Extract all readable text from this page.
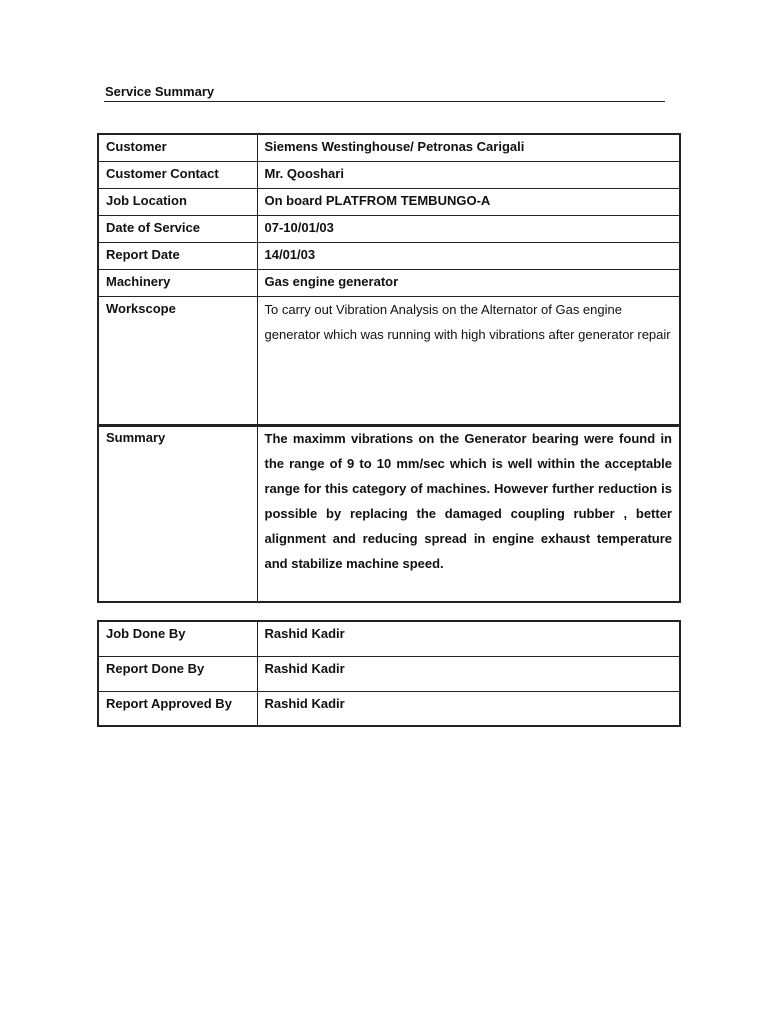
Service Summary
Customer	Siemens Westinghouse/ Petronas Carigali
Customer Contact	Mr. Qooshari
Job Location	On board PLATFROM TEMBUNGO-A
Date of Service	07-10/01/03
Report Date	14/01/03
Machinery	Gas engine generator
Workscope	To carry out Vibration Analysis on the Alternator of Gas engine generator which was running with high vibrations after generator repair
Summary	The maximm vibrations on the Generator bearing were found in the range of 9 to 10 mm/sec which is well within the acceptable range for this category of machines. However further reduction is possible by replacing the damaged coupling rubber , better alignment and reducing spread in engine exhaust temperature and stabilize machine speed.
Job Done By	Rashid Kadir
Report Done By	Rashid Kadir
Report Approved By	Rashid Kadir
